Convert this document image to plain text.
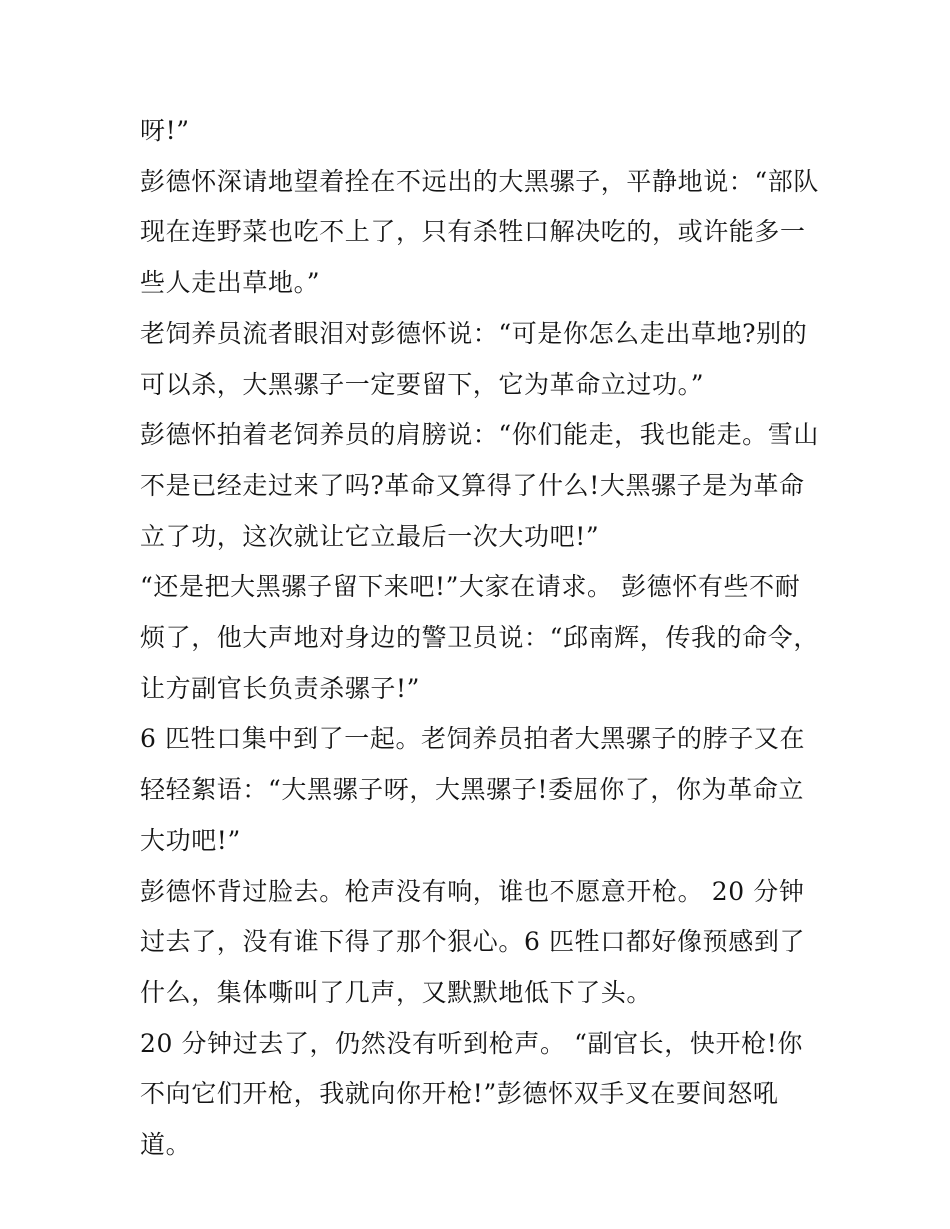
呀!”

彭德怀深请地望着拴在不远出的大黑骡子，平静地说：“部队现在连野菜也吃不上了，只有杀牲口解决吃的，或许能多一些人走出草地。”

老饲养员流者眼泪对彭德怀说：“可是你怎么走出草地?别的可以杀，大黑骡子一定要留下，它为革命立过功。”

彭德怀拍着老饲养员的肩膀说：“你们能走，我也能走。雪山不是已经走过来了吗?革命又算得了什么!大黑骡子是为革命立了功，这次就让它立最后一次大功吧!”

“还是把大黑骡子留下来吧!”大家在请求。 彭德怀有些不耐烦了，他大声地对身边的警卫员说：“邱南辉，传我的命令，让方副官长负责杀骡子!”

6 匹牲口集中到了一起。老饲养员拍者大黑骡子的脖子又在轻轻絮语：“大黑骡子呀，大黑骡子!委屈你了，你为革命立大功吧!”

彭德怀背过脸去。枪声没有响，谁也不愿意开枪。 20 分钟过去了，没有谁下得了那个狠心。6 匹牲口都好像预感到了什么，集体嘶叫了几声，又默默地低下了头。

20 分钟过去了，仍然没有听到枪声。 “副官长，快开枪!你不向它们开枪，我就向你开枪!”彭德怀双手叉在要间怒吼道。
